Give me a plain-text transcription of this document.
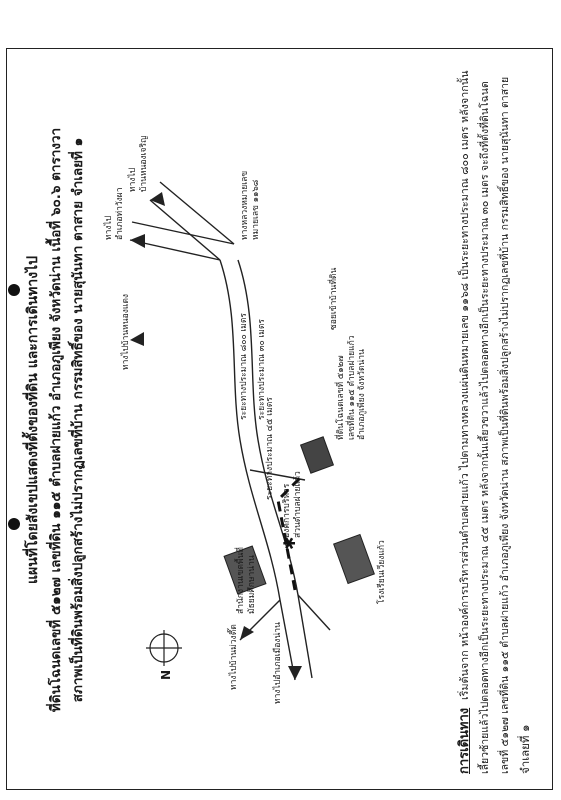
แผนที่โดยสังเขปแสดงที่ตั้งของที่ดิน และการเดินทางไป ที่ดินโฉนดเลขที่ ๕๑๒๗ เลขที่ดิน ๑๑๕ ตำบลฝายแก้ว อำเภอภูเพียง จังหวัดน่าน เนื้อที่ ๖๐.๖ ตารางวา สภาพเป็นที่ดินพร้อมสิ่งปลูกสร้างไม่ปรากฏเลขที่บ้าน กรรมสิทธิ์ของ นายสุนันทา ตาสาย จำเลยที่ ๑	✱
N
ทางไป
บ้านหนองเจริญ
ทางไป
อำเภอท่าวังผา	ทางหลวงหมายเลข
หมายเลข ๑๑๖๘
ทางไปอำเภอเมืองน่าน
ทางไปบ้านม่วงตึ๊ด
ทางไปบ้านหนองแดง
โรงเรียนเวียงแก้ว
สำนักงานเขตพื้นที่
มัธยมศึกษาน่าน
องค์การบริหาร
ส่วนตำบลฝายแก้ว
ระยะทางประมาณ ๔๕ เมตร
ระยะทางประมาณ ๓๐ เมตร
ระยะทางประมาณ ๘๐๐ เมตร	ที่ดินโฉนดเลขที่ ๕๑๒๗
เลขที่ดิน ๑๑๕ ตำบลฝายแก้ว
อำเภอภูเพียง จังหวัดน่าน
ซอยเข้าบ้านที่ดิน
การเดินทาง
เริ่มต้นจาก หน้าองค์การบริหารส่วนตำบลฝายแก้ว ไปตามทางหลวงแผ่นดินหมายเลข ๑๑๖๘ เป็นระยะทางประมาณ ๘๐๐ เมตร หลังจากนั้น เลี้ยวซ้ายแล้วไปตลอดทางอีกเป็นระยะทางประมาณ ๔๕ เมตร หลังจากนั้นเลี้ยวขวาแล้วไปตลอดทางอีกเป็นระยะทางประมาณ ๓๐ เมตร จะถึงที่ตั้งที่ดินโฉนด เลขที่ ๕๑๒๗ เลขที่ดิน ๑๑๕ ตำบลฝายแก้ว อำเภอภูเพียง จังหวัดน่าน สภาพเป็นที่ดินพร้อมสิ่งปลูกสร้างไม่ปรากฏเลขที่บ้าน กรรมสิทธิ์ของ นายสุนันทา ตาสาย จำเลยที่ ๑
